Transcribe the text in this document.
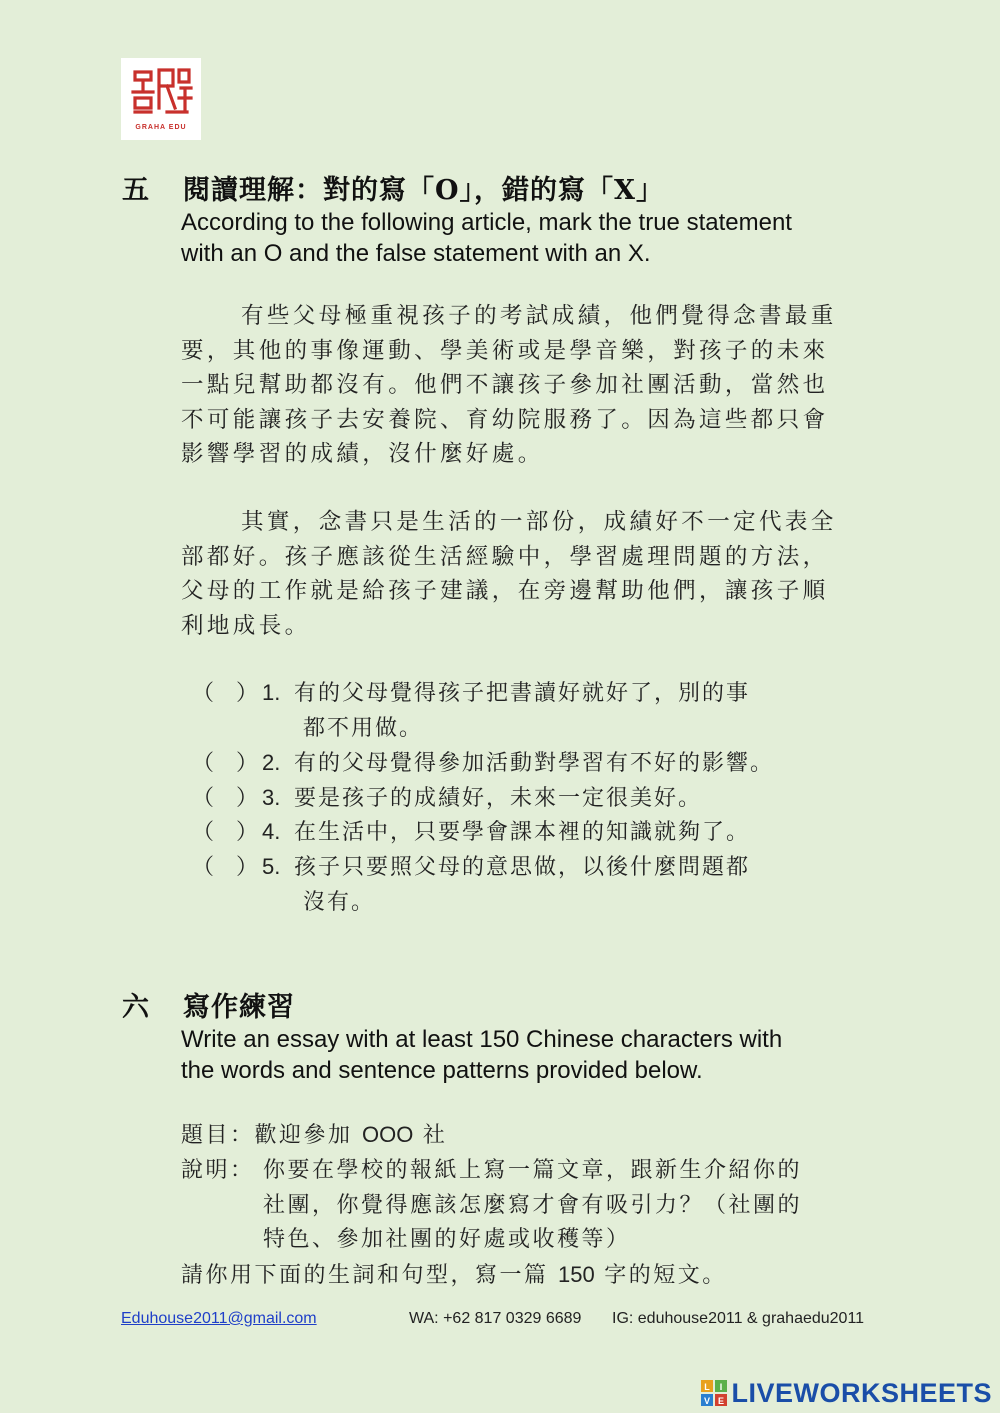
GRAHA EDU
五 閱讀理解：對的寫「O」，錯的寫「X」
According to the following article, mark the true statement
with an O and the false statement with an X.
有些父母極重視孩子的考試成績，他們覺得念書最重
要，其他的事像運動、學美術或是學音樂，對孩子的未來
一點兒幫助都沒有。他們不讓孩子參加社團活動，當然也
不可能讓孩子去安養院、育幼院服務了。因為這些都只會
影響學習的成績，沒什麼好處。
其實，念書只是生活的一部份，成績好不一定代表全
部都好。孩子應該從生活經驗中，學習處理問題的方法，
父母的工作就是給孩子建議，在旁邊幫助他們，讓孩子順
利地成長。
（　） 1. 有的父母覺得孩子把書讀好就好了，別的事
都不用做。
（　） 2. 有的父母覺得參加活動對學習有不好的影響。
（　） 3. 要是孩子的成績好，未來一定很美好。
（　） 4. 在生活中，只要學會課本裡的知識就夠了。
（　） 5. 孩子只要照父母的意思做，以後什麼問題都
沒有。
六 寫作練習
Write an essay with at least 150 Chinese characters with
the words and sentence patterns provided below.
題目：歡迎參加 OOO 社
說明： 你要在學校的報紙上寫一篇文章，跟新生介紹你的
社團，你覺得應該怎麼寫才會有吸引力？（社團的
特色、參加社團的好處或收穫等）
請你用下面的生詞和句型，寫一篇 150 字的短文。
Eduhouse2011@gmail.com	WA: +62 817 0329 6689 IG: eduhouse2011 & grahaedu2011
L I
V E LIVEWORKSHEETS
